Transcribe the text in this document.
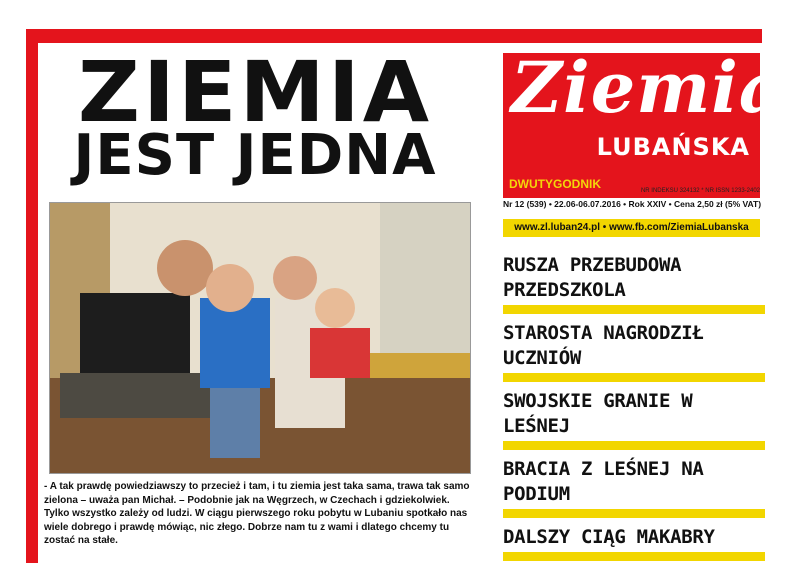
ZIEMIA
JEST JEDNA
Ziemia
LUBAŃSKA
DWUTYGODNIK	NR INDEKSU 324132 * NR ISSN 1233-2402
Nr 12 (539) • 22.06-06.07.2016 • Rok XXIV • Cena 2,50 zł (5% VAT)
www.zl.luban24.pl • www.fb.com/ZiemiaLubanska

- A tak prawdę powiedziawszy to przecież i tam, i tu ziemia jest taka sama, trawa tak samo zielona – uważa pan Michał. – Podobnie jak na Węgrzech, w Czechach i gdziekolwiek. Tylko wszystko zależy od ludzi. W ciągu pierwszego roku pobytu w Lubaniu spotkało nas wiele dobrego i prawdę mówiąc, nic złego. Dobrze nam tu z wami i dlatego chcemy tu zostać na stałe.

RUSZA PRZEBUDOWA PRZEDSZKOLA

STAROSTA NAGRODZIŁ UCZNIÓW

SWOJSKIE GRANIE W LEŚNEJ

BRACIA Z LEŚNEJ NA PODIUM

DALSZY CIĄG MAKABRY
